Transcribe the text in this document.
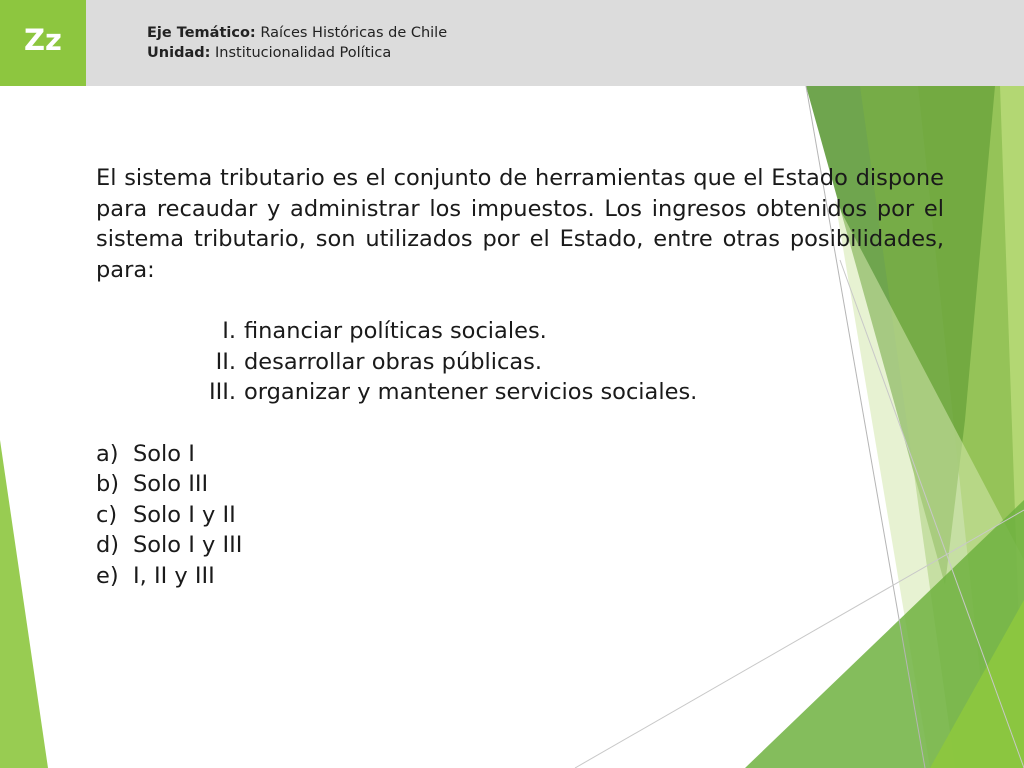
Zz	Eje Temático: Raíces Históricas de Chile
Unidad: Institucionalidad Política

El sistema tributario es el conjunto de herramientas que el Estado dispone para recaudar y administrar los impuestos. Los ingresos obtenidos por el sistema tributario, son utilizados por el Estado, entre otras posibilidades, para:

I. financiar políticas sociales.
II. desarrollar obras públicas.
III. organizar y mantener servicios sociales.
a) Solo I
b) Solo III
c) Solo I y II
d) Solo I y III
e) I, II y III
